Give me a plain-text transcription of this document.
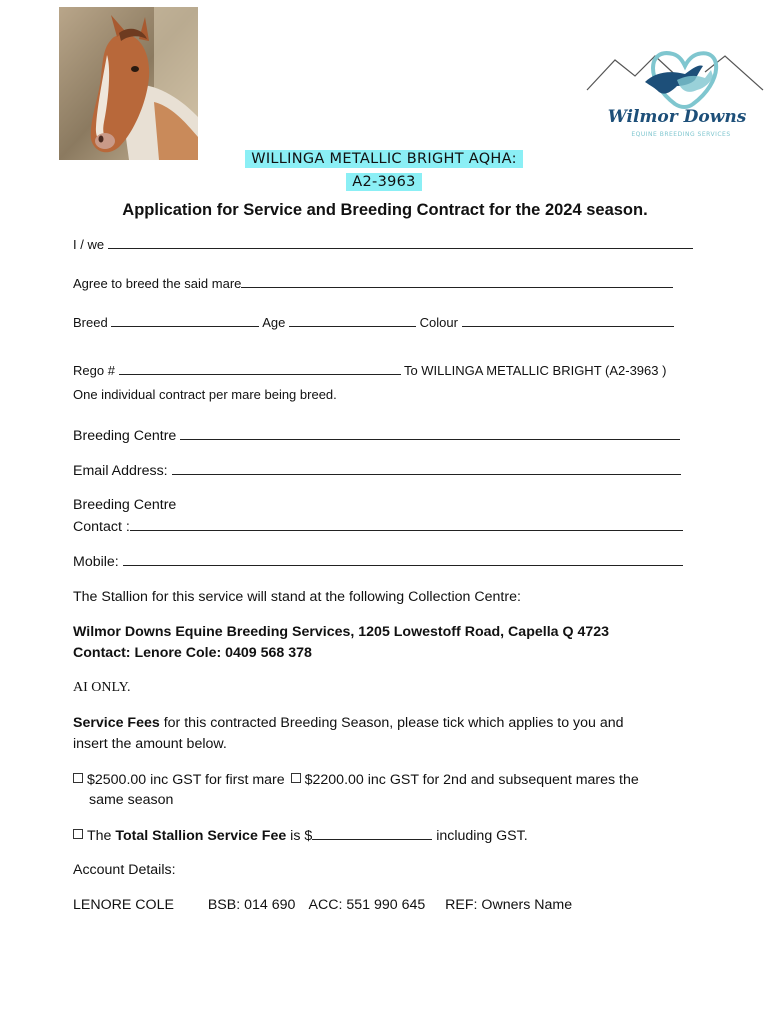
Wilmor Downs
EQUINE BREEDING SERVICES
WILLINGA METALLIC BRIGHT AQHA:
A2-3963
Application for Service and Breeding Contract for the 2024 season.
I / we
Agree to breed the said mare
Breed	Age	Colour
Rego #	To WILLINGA METALLIC BRIGHT (A2-3963 )
One individual contract per mare being breed.
Breeding Centre
Email Address:
Breeding Centre
Contact :
Mobile:
The Stallion for this service will stand at the following Collection Centre:
Wilmor Downs Equine Breeding Services, 1205 Lowestoff Road, Capella Q 4723
Contact: Lenore Cole: 0409 568 378
AI ONLY.
Service Fees for this contracted Breeding Season, please tick which applies to you and
insert the amount below.
$2500.00 inc GST for first mare $2200.00 inc GST for 2nd and subsequent mares the
same season
The Total Stallion Service Fee is $	including GST.
Account Details:
LENORE COLE BSB: 014 690 ACC: 551 990 645 REF: Owners Name
